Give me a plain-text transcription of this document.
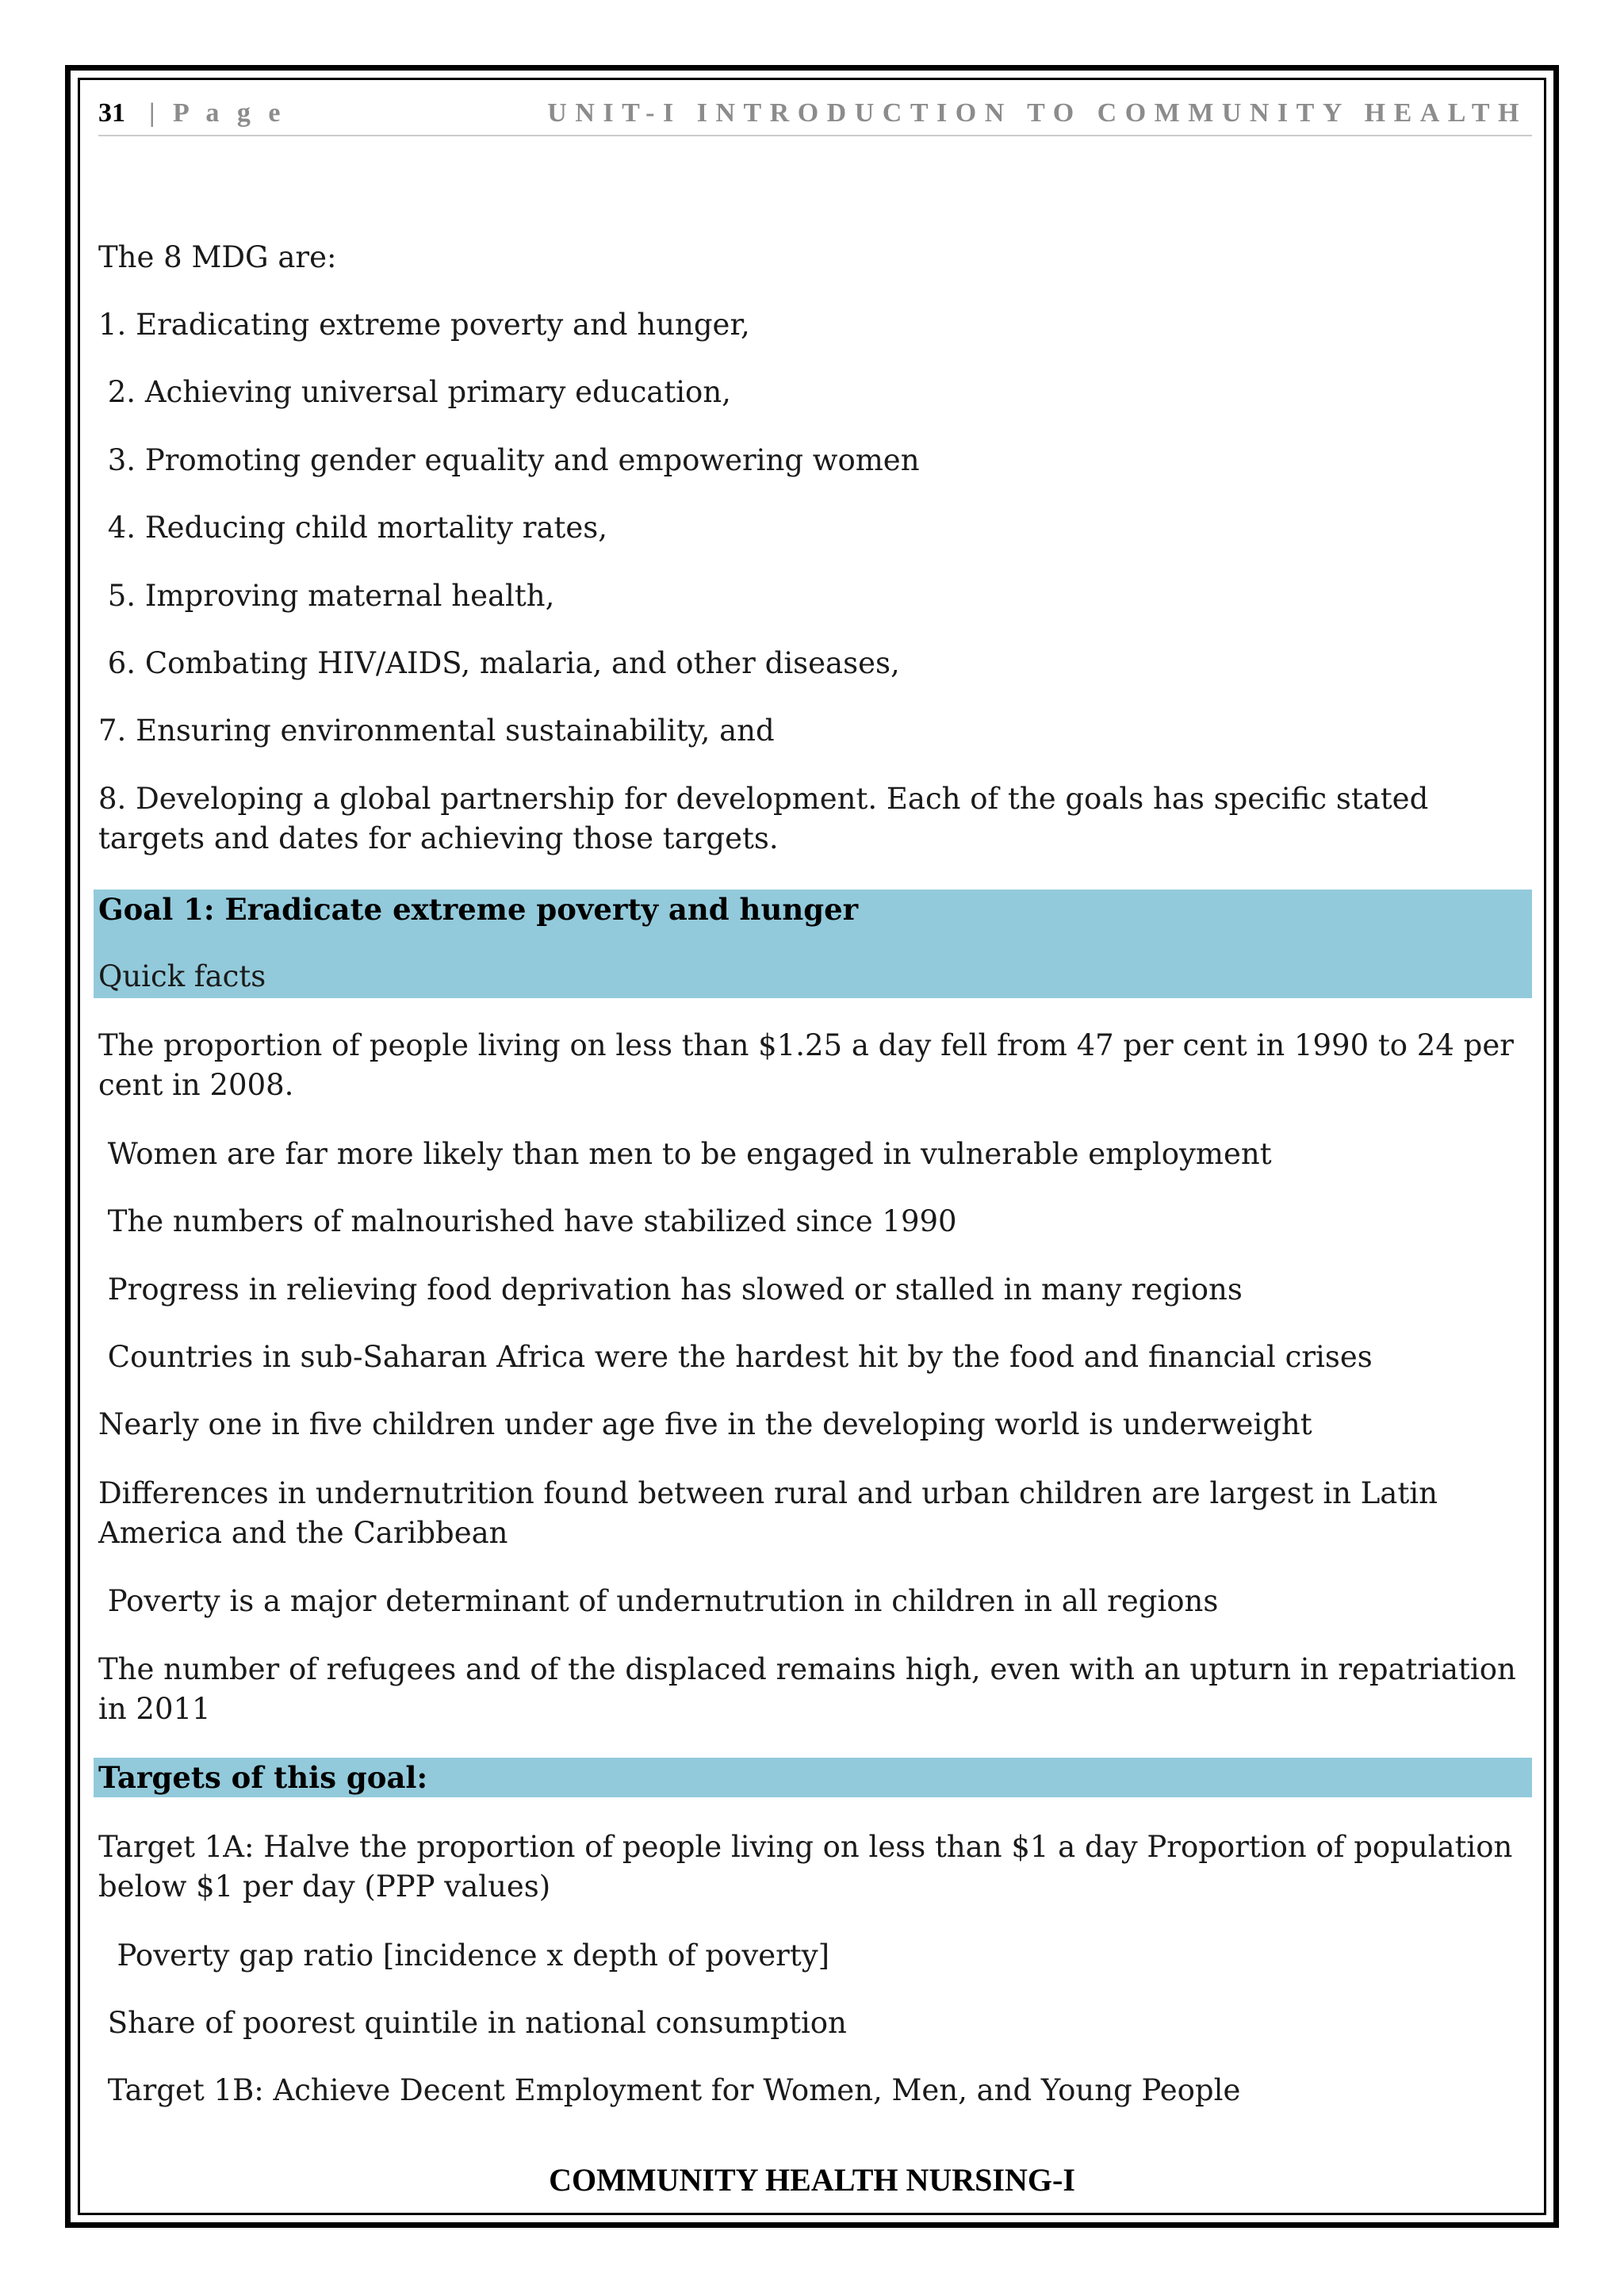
31 | P a g e	UNIT-I INTRODUCTION TO COMMUNITY HEALTH
The 8 MDG are:
1. Eradicating extreme poverty and hunger,
2. Achieving universal primary education,
3. Promoting gender equality and empowering women
4. Reducing child mortality rates,
5. Improving maternal health,
6. Combating HIV/AIDS, malaria, and other diseases,
7. Ensuring environmental sustainability, and
8. Developing a global partnership for development. Each of the goals has specific stated targets and dates for achieving those targets.
Goal 1: Eradicate extreme poverty and hunger
Quick facts
The proportion of people living on less than $1.25 a day fell from 47 per cent in 1990 to 24 per cent in 2008.
Women are far more likely than men to be engaged in vulnerable employment
The numbers of malnourished have stabilized since 1990
Progress in relieving food deprivation has slowed or stalled in many regions
Countries in sub-Saharan Africa were the hardest hit by the food and financial crises
Nearly one in five children under age five in the developing world is underweight
Differences in undernutrition found between rural and urban children are largest in Latin America and the Caribbean
Poverty is a major determinant of undernutrution in children in all regions
The number of refugees and of the displaced remains high, even with an upturn in repatriation in 2011
Targets of this goal:
Target 1A: Halve the proportion of people living on less than $1 a day Proportion of population below $1 per day (PPP values)
Poverty gap ratio [incidence x depth of poverty]
Share of poorest quintile in national consumption
Target 1B: Achieve Decent Employment for Women, Men, and Young People
COMMUNITY HEALTH NURSING-I
